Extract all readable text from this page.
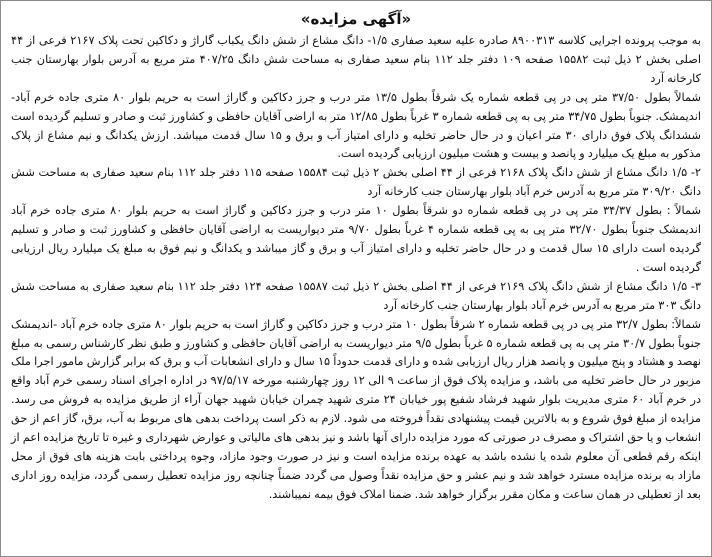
«آگهی مزایده»

به موجب پرونده اجرایی کلاسه ۸۹۰۰۳۱۳ صادره علیه سعید صفاری ۱/۵- دانگ مشاع از شش دانگ یکباب گاراژ و دکاکین تحت پلاک ۲۱۶۷ فرعی از ۴۴ اصلی بخش ۲ ذیل ثبت ۱۵۵۸۲ صفحه ۱۰۹ دفتر جلد ۱۱۲ بنام سعید صفاری به مساحت شش دانگ ۴۰۷/۲۵ متر مربع به آدرس بلوار بهارستان جنب کارخانه آرد

شمالاً بطول ۳۷/۵۰ متر پی در پی قطعه شماره یک شرقاً بطول ۱۳/۵ متر درب و جرز دکاکین و گاراژ است به حریم بلوار ۸۰ متری جاده خرم آباد- اندیمشک. جنوباً بطول ۳۴/۷۵ متر پی به پی قطعه شماره ۳ غرباً بطول ۱۲/۸۵ متر به اراضی آقایان حافظی و کشاورز ثبت و صادر و تسلیم گردیده است ششدانگ پلاک فوق دارای ۳۰ متر اعیان و در حال حاضر تخلیه و دارای امتیاز آب و برق و ۱۵ سال قدمت میباشد. ارزش یکدانگ و نیم مشاع از پلاک مذکور به مبلغ یک میلیارد و پانصد و بیست و هشت میلیون ارزیابی گردیده است.

۲- ۱/۵ دانگ مشاع از شش دانگ پلاک ۲۱۶۸ فرعی از ۴۴ اصلی بخش ۲ ذیل ثبت ۱۵۵۸۴ صفحه ۱۱۵ دفتر جلد ۱۱۲ بنام سعید صفاری به مساحت شش دانگ ۳۰۹/۲۰ متر مربع به آدرس خرم آباد بلوار بهارستان جنب کارخانه آرد

شمالاً : بطول ۳۴/۳۷ متر پی در پی قطعه شماره دو شرقاً بطول ۱۰ متر درب و جرز دکاکین و گاراژ است به حریم بلوار ۸۰ متری جاده خرم آباد اندیمشک جنوباً بطول ۳۲/۷۰ متر پی به پی قطعه شماره ۴ غرباً بطول ۹/۷۰ متر دیواریست به اراضی آقایان حافظی و کشاورز ثبت و صادر و تسلیم گردیده است دارای ۱۵ سال قدمت و در حال حاضر تخلیه و دارای امتیاز آب و برق و گاز میباشد و یکدانگ و نیم فوق به مبلغ یک میلیارد ریال ارزیابی گردیده است .

۳- ۱/۵ دانگ مشاع از شش دانگ پلاک ۲۱۶۹ فرعی از ۴۴ اصلی بخش ۲ ذیل ثبت ۱۵۵۸۷ صفحه ۱۲۴ دفتر جلد ۱۱۲ بنام سعید صفاری به مساحت شش دانگ ۳۰۳ متر مربع به آدرس خرم آباد بلوار بهارستان جنب کارخانه آرد

شمالاً: بطول ۳۲/۷ متر پی در پی قطعه شماره ۲ شرقاً بطول ۱۰ متر درب و جرز دکاکین و گاراژ است به حریم بلوار ۸۰ متری جاده خرم آباد -اندیمشک جنوباً بطول ۳۰/۷ متر پی به پی قطعه شماره ۵ غرباً بطول ۹/۵ متر دیواریست به اراضی آقایان حافظی و کشاورز و طبق نظر کارشناس رسمی به مبلغ نهصد و هشتاد و پنج میلیون و پانصد هزار ریال ارزیابی شده و دارای قدمت حدوداً ۱۵ سال و دارای انشعابات آب و برق که برابر گزارش مامور اجرا ملک مزبور در حال حاضر تخلیه می باشد، و مزایده پلاک فوق از ساعت ۹ الی ۱۲ روز چهارشنبه مورخه ۹۷/۵/۱۷ در اداره اجرای اسناد رسمی خرم آباد واقع در خرم آباد ۶۰ متری مدیریت بلوار شهید فرشاد شفیع پور خیابان ۲۴ متری شهید چمران خیابان شهید جهان آراء از طریق مزایده به فروش می رسد. مزایده از مبلغ فوق شروع و به بالاترین قیمت پیشنهادی نقداً فروخته می شود. لازم به ذکر است پرداخت بدهی های مربوط به آب، برق، گاز اعم از حق انشعاب و یا حق اشتراک و مصرف در صورتی که مورد مزایده دارای آنها باشد و نیز بدهی های مالیاتی و عوارض شهرداری و غیره تا تاریخ مزایده اعم از اینکه رقم قطعی آن معلوم شده یا نشده باشد به عهده برنده مزایده است و نیز در صورت وجود مازاد، وجوه پرداختی بابت هزینه های فوق از محل مازاد به برنده مزایده مسترد خواهد شد و نیم عشر و حق مزایده نقداً وصول می گردد ضمناً چنانچه روز مزایده تعطیل رسمی گردد، مزایده روز اداری بعد از تعطیلی در همان ساعت و مکان مقرر برگزار خواهد شد. ضمنا املاک فوق بیمه نمیباشند.
